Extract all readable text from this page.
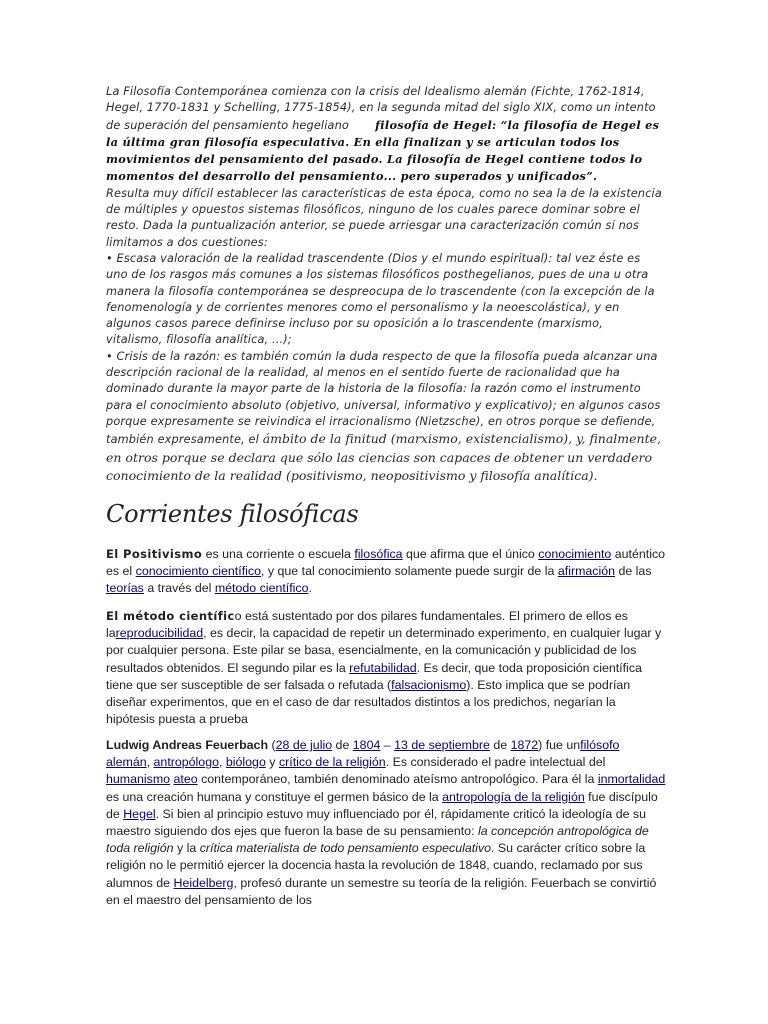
La Filosofía Contemporánea comienza con la crisis del Idealismo alemán (Fichte, 1762-1814, Hegel, 1770-1831 y Schelling, 1775-1854), en la segunda mitad del siglo XIX, como un intento de superación del pensamiento hegeliano filosofía de Hegel: “la filosofía de Hegel es la última gran filosofía especulativa. En ella finalizan y se articulan todos los movimientos del pensamiento del pasado. La filosofía de Hegel contiene todos lo momentos del desarrollo del pensamiento... pero superados y unificados”.

Resulta muy difícil establecer las características de esta época, como no sea la de la existencia de múltiples y opuestos sistemas filosóficos, ninguno de los cuales parece dominar sobre el resto. Dada la puntualización anterior, se puede arriesgar una caracterización común si nos limitamos a dos cuestiones:

• Escasa valoración de la realidad trascendente (Dios y el mundo espiritual): tal vez éste es uno de los rasgos más comunes a los sistemas filosóficos posthegelianos, pues de una u otra manera la filosofía contemporánea se despreocupa de lo trascendente (con la excepción de la fenomenología y de corrientes menores como el personalismo y la neoescolástica), y en algunos casos parece definirse incluso por su oposición a lo trascendente (marxismo, vitalismo, filosofía analítica, ...);

• Crisis de la razón: es también común la duda respecto de que la filosofía pueda alcanzar una descripción racional de la realidad, al menos en el sentido fuerte de racionalidad que ha dominado durante la mayor parte de la historia de la filosofía: la razón como el instrumento para el conocimiento absoluto (objetivo, universal, informativo y explicativo); en algunos casos porque expresamente se reivindica el irracionalismo (Nietzsche), en otros porque se defiende, también expresamente, el ámbito de la finitud (marxismo, existencialismo), y, finalmente, en otros porque se declara que sólo las ciencias son capaces de obtener un verdadero conocimiento de la realidad (positivismo, neopositivismo y filosofía analítica).

Corrientes filosóficas

El Positivismo es una corriente o escuela filosófica que afirma que el único conocimiento auténtico es el conocimiento científico, y que tal conocimiento solamente puede surgir de la afirmación de las teorías a través del método científico.

El método científico está sustentado por dos pilares fundamentales. El primero de ellos es lareproducibilidad, es decir, la capacidad de repetir un determinado experimento, en cualquier lugar y por cualquier persona. Este pilar se basa, esencialmente, en la comunicación y publicidad de los resultados obtenidos. El segundo pilar es la refutabilidad. Es decir, que toda proposición científica tiene que ser susceptible de ser falsada o refutada (falsacionismo). Esto implica que se podrían diseñar experimentos, que en el caso de dar resultados distintos a los predichos, negarían la hipótesis puesta a prueba

Ludwig Andreas Feuerbach (28 de julio de 1804 – 13 de septiembre de 1872) fue unfilósofo alemán, antropólogo, biólogo y crítico de la religión. Es considerado el padre intelectual del humanismo ateo contemporáneo, también denominado ateísmo antropológico. Para él la inmortalidad es una creación humana y constituye el germen básico de la antropología de la religión fue discípulo de Hegel. Si bien al principio estuvo muy influenciado por él, rápidamente criticó la ideología de su maestro siguiendo dos ejes que fueron la base de su pensamiento: la concepción antropológica de toda religión y la crítica materialista de todo pensamiento especulativo. Su carácter crítico sobre la religión no le permitió ejercer la docencia hasta la revolución de 1848, cuando, reclamado por sus alumnos de Heidelberg, profesó durante un semestre su teoría de la religión. Feuerbach se convirtió en el maestro del pensamiento de los
